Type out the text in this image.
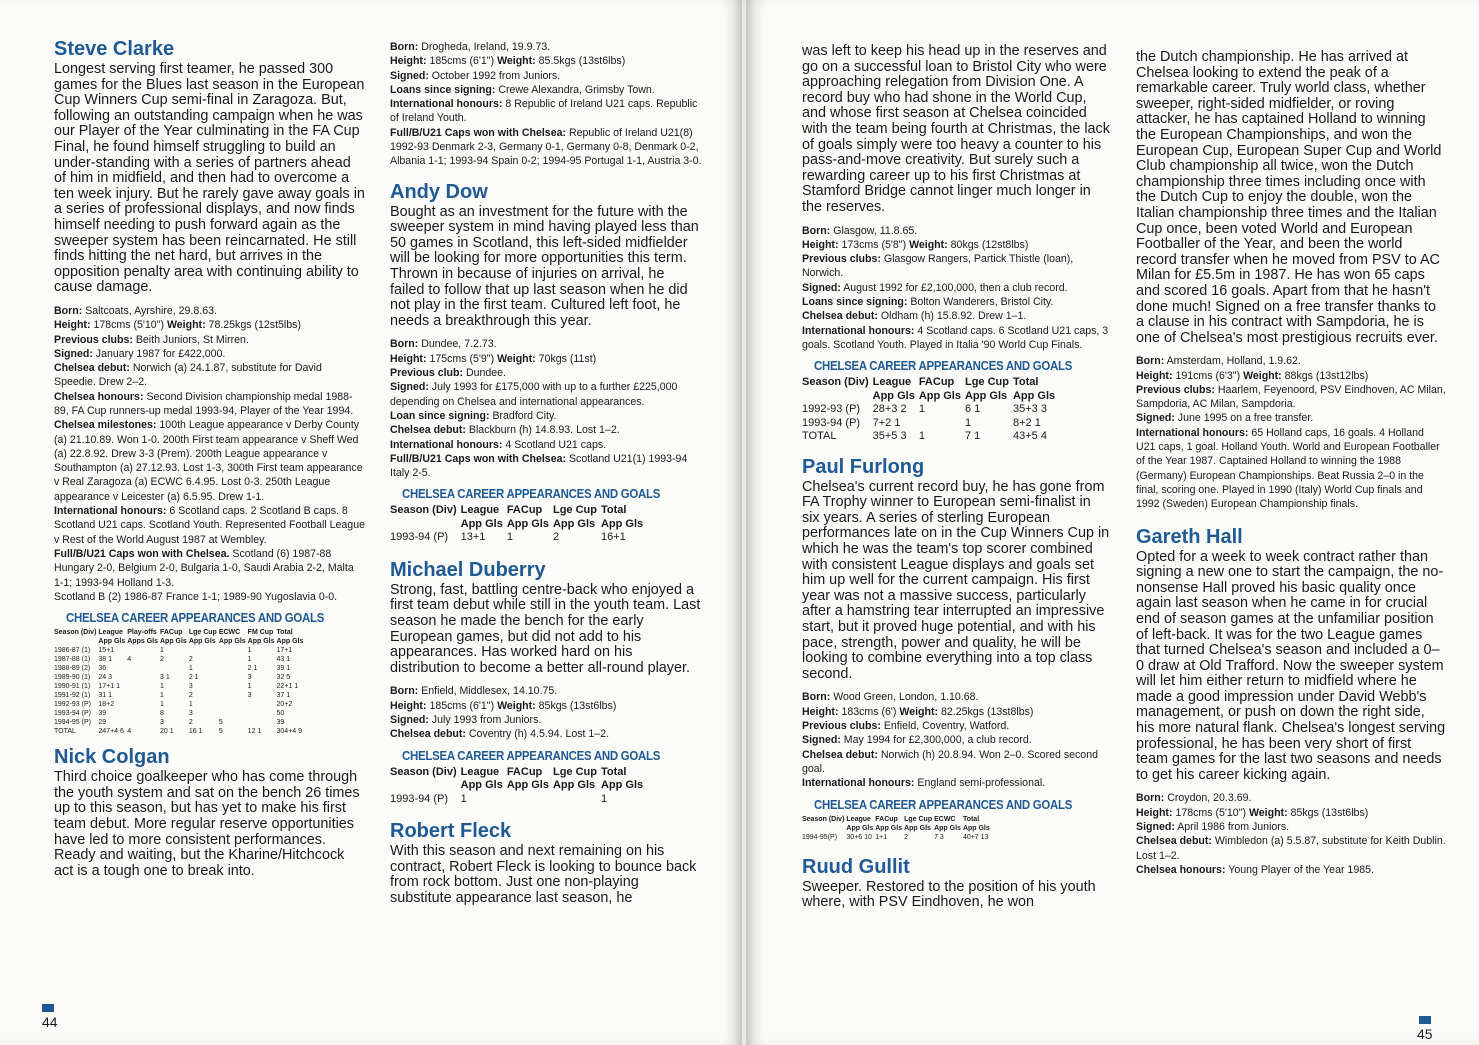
Steve Clarke

Longest serving first teamer, he passed 300 games for the Blues last season in the European Cup Winners Cup semi-final in Zaragoza. But, following an outstanding campaign when he was our Player of the Year culminating in the FA Cup Final, he found himself struggling to build an under-standing with a series of partners ahead of him in midfield, and then had to overcome a ten week injury. But he rarely gave away goals in a series of professional displays, and now finds himself needing to push forward again as the sweeper system has been reincarnated. He still finds hitting the net hard, but arrives in the opposition penalty area with continuing ability to cause damage.

Born: Saltcoats, Ayrshire, 29.8.63.

Height: 178cms (5'10") Weight: 78.25kgs (12st5lbs)

Previous clubs: Beith Juniors, St Mirren.

Signed: January 1987 for £422,000.

Chelsea debut: Norwich (a) 24.1.87, substitute for David Speedie. Drew 2–2.

Chelsea honours: Second Division championship medal 1988-89, FA Cup runners-up medal 1993-94, Player of the Year 1994.

Chelsea milestones: 100th League appearance v Derby County (a) 21.10.89. Won 1-0. 200th First team appearance v Sheff Wed (a) 22.8.92. Drew 3-3 (Prem). 200th League appearance v Southampton (a) 27.12.93. Lost 1-3, 300th First team appearance v Real Zaragoza (a) ECWC 6.4.95. Lost 0-3. 250th League appearance v Leicester (a) 6.5.95. Drew 1-1.

International honours: 6 Scotland caps. 2 Scotland B caps. 8 Scotland U21 caps. Scotland Youth. Represented Football League v Rest of the World August 1987 at Wembley.

Full/B/U21 Caps won with Chelsea. Scotland (6) 1987-88 Hungary 2-0, Belgium 2-0, Bulgaria 1-0, Saudi Arabia 2-2, Malta 1-1; 1993-94 Holland 1-3.

Scotland B (2) 1986-87 France 1-1; 1989-90 Yugoslavia 0-0.

CHELSEA CAREER APPEARANCES AND GOALS
Season (Div)	League	Play-offs	FACup	Lge Cup	ECWC	FM Cup	Total
	App Gls	Apps Gls	App Gls	App Gls	App Gls	App Gls	App Gls
1986-87 (1)	15+1		1			1	17+1
1987-88 (1)	38 1	4	2	2		1	43 1
1988-89 (2)	36			1		2 1	39 1
1989-90 (1)	24 3		3 1	2 1		3	32 5
1990-91 (1)	17+1 1		1	3		1	22+1 1
1991-92 (1)	31 1		1	2		3	37 1
1992-93 (P)	18+2		1	1			20+2
1993-94 (P)	39		8	3			50
1994-95 (P)	29		3	2	5		39
TOTAL	247+4 6	4	20 1	16 1	5	12 1	304+4 9
Nick Colgan

Third choice goalkeeper who has come through the youth system and sat on the bench 26 times up to this season, but has yet to make his first team debut. More regular reserve opportunities have led to more consistent performances. Ready and waiting, but the Kharine/Hitchcock act is a tough one to break into.

Born: Drogheda, Ireland, 19.9.73.

Height: 185cms (6'1") Weight: 85.5kgs (13st6lbs)

Signed: October 1992 from Juniors.

Loans since signing: Crewe Alexandra, Grimsby Town.

International honours: 8 Republic of Ireland U21 caps. Republic of Ireland Youth.

Full/B/U21 Caps won with Chelsea: Republic of Ireland U21(8) 1992-93 Denmark 2-3, Germany 0-1, Germany 0-8, Denmark 0-2, Albania 1-1; 1993-94 Spain 0-2; 1994-95 Portugal 1-1, Austria 3-0.

Andy Dow

Bought as an investment for the future with the sweeper system in mind having played less than 50 games in Scotland, this left-sided midfielder will be looking for more opportunities this term. Thrown in because of injuries on arrival, he failed to follow that up last season when he did not play in the first team. Cultured left foot, he needs a breakthrough this year.

Born: Dundee, 7.2.73.

Height: 175cms (5'9") Weight: 70kgs (11st)

Previous club: Dundee.

Signed: July 1993 for £175,000 with up to a further £225,000 depending on Chelsea and international appearances.

Loan since signing: Bradford City.

Chelsea debut: Blackburn (h) 14.8.93. Lost 1–2.

International honours: 4 Scotland U21 caps.

Full/B/U21 Caps won with Chelsea: Scotland U21(1) 1993-94 Italy 2-5.

CHELSEA CAREER APPEARANCES AND GOALS
Season (Div)	League	FACup	Lge Cup	Total
	App Gls	App Gls	App Gls	App Gls
1993-94 (P)	13+1	1	2	16+1
Michael Duberry

Strong, fast, battling centre-back who enjoyed a first team debut while still in the youth team. Last season he made the bench for the early European games, but did not add to his appearances. Has worked hard on his distribution to become a better all-round player.

Born: Enfield, Middlesex, 14.10.75.

Height: 185cms (6'1") Weight: 85kgs (13st6lbs)

Signed: July 1993 from Juniors.

Chelsea debut: Coventry (h) 4.5.94. Lost 1–2.

CHELSEA CAREER APPEARANCES AND GOALS
Season (Div)	League	FACup	Lge Cup	Total
	App Gls	App Gls	App Gls	App Gls
1993-94 (P)	1			1
Robert Fleck

With this season and next remaining on his contract, Robert Fleck is looking to bounce back from rock bottom. Just one non-playing substitute appearance last season, he

44

was left to keep his head up in the reserves and go on a successful loan to Bristol City who were approaching relegation from Division One. A record buy who had shone in the World Cup, and whose first season at Chelsea coincided with the team being fourth at Christmas, the lack of goals simply were too heavy a counter to his pass-and-move creativity. But surely such a rewarding career up to his first Christmas at Stamford Bridge cannot linger much longer in the reserves.

Born: Glasgow, 11.8.65.

Height: 173cms (5'8") Weight: 80kgs (12st8lbs)

Previous clubs: Glasgow Rangers, Partick Thistle (loan), Norwich.

Signed: August 1992 for £2,100,000, then a club record.

Loans since signing: Bolton Wanderers, Bristol City.

Chelsea debut: Oldham (h) 15.8.92. Drew 1–1.

International honours: 4 Scotland caps. 6 Scotland U21 caps, 3 goals. Scotland Youth. Played in Italia '90 World Cup Finals.

CHELSEA CAREER APPEARANCES AND GOALS
Season (Div)	League	FACup	Lge Cup	Total
	App Gls	App Gls	App Gls	App Gls
1992-93 (P)	28+3 2	1	6 1	35+3 3
1993-94 (P)	7+2 1		1	8+2 1
TOTAL	35+5 3	1	7 1	43+5 4
Paul Furlong

Chelsea's current record buy, he has gone from FA Trophy winner to European semi-finalist in six years. A series of sterling European performances late on in the Cup Winners Cup in which he was the team's top scorer combined with consistent League displays and goals set him up well for the current campaign. His first year was not a massive success, particularly after a hamstring tear interrupted an impressive start, but it proved huge potential, and with his pace, strength, power and quality, he will be looking to combine everything into a top class second.

Born: Wood Green, London, 1.10.68.

Height: 183cms (6') Weight: 82.25kgs (13st8lbs)

Previous clubs: Enfield, Coventry, Watford.

Signed: May 1994 for £2,300,000, a club record.

Chelsea debut: Norwich (h) 20.8.94. Won 2–0. Scored second goal.

International honours: England semi-professional.

CHELSEA CAREER APPEARANCES AND GOALS
Season (Div)	League	FACup	Lge Cup	ECWC	Total
	App Gls	App Gls	App Gls	App Gls	App Gls
1994-95(P)	30+6 10	1+1	2	7 3	40+7 13
Ruud Gullit

Sweeper. Restored to the position of his youth where, with PSV Eindhoven, he won

the Dutch championship. He has arrived at Chelsea looking to extend the peak of a remarkable career. Truly world class, whether sweeper, right-sided midfielder, or roving attacker, he has captained Holland to winning the European Championships, and won the European Cup, European Super Cup and World Club championship all twice, won the Dutch championship three times including once with the Dutch Cup to enjoy the double, won the Italian championship three times and the Italian Cup once, been voted World and European Footballer of the Year, and been the world record transfer when he moved from PSV to AC Milan for £5.5m in 1987. He has won 65 caps and scored 16 goals. Apart from that he hasn't done much! Signed on a free transfer thanks to a clause in his contract with Sampdoria, he is one of Chelsea's most prestigious recruits ever.

Born: Amsterdam, Holland, 1.9.62.

Height: 191cms (6'3") Weight: 88kgs (13st12lbs)

Previous clubs: Haarlem, Feyenoord, PSV Eindhoven, AC Milan, Sampdoria, AC Milan, Sampdoria.

Signed: June 1995 on a free transfer.

International honours: 65 Holland caps, 16 goals. 4 Holland U21 caps, 1 goal. Holland Youth. World and European Footballer of the Year 1987. Captained Holland to winning the 1988 (Germany) European Championships. Beat Russia 2–0 in the final, scoring one. Played in 1990 (Italy) World Cup finals and 1992 (Sweden) European Championship finals.

Gareth Hall

Opted for a week to week contract rather than signing a new one to start the campaign, the no-nonsense Hall proved his basic quality once again last season when he came in for crucial end of season games at the unfamiliar position of left-back. It was for the two League games that turned Chelsea's season and included a 0–0 draw at Old Trafford. Now the sweeper system will let him either return to midfield where he made a good impression under David Webb's management, or push on down the right side, his more natural flank. Chelsea's longest serving professional, he has been very short of first team games for the last two seasons and needs to get his career kicking again.

Born: Croydon, 20.3.69.

Height: 178cms (5'10") Weight: 85kgs (13st6lbs)

Signed: April 1986 from Juniors.

Chelsea debut: Wimbledon (a) 5.5.87, substitute for Keith Dublin. Lost 1–2.

Chelsea honours: Young Player of the Year 1985.

45
